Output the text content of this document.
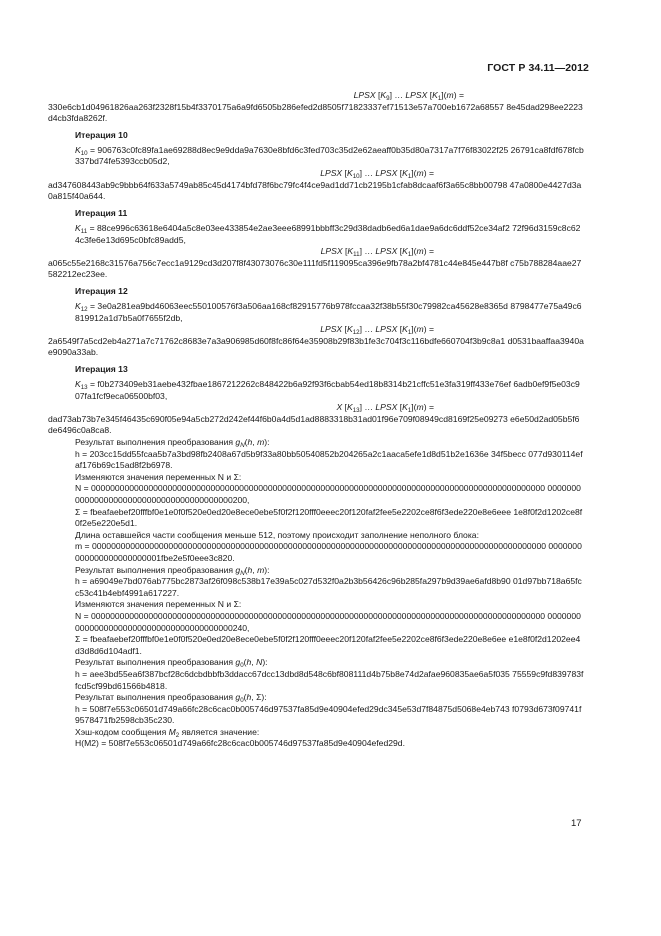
ГОСТ Р 34.11—2012
LPSX $[K_9]$ … LPSX $[K_1](m)$ =
330e6cb1d04961826aa263f2328f15b4f3370175a6a9fd6505b286efed2d8505f71823337ef71513e57a700eb1672a68557 8e45dad298ee2223d4cb3fda8262f.
Итерация 10
$K_{10}$ = 906763c0fc89fa1ae69288d8ec9e9dda9a7630e8bfd6c3fed703c35d2e62aeaff0b35d80a7317a7f76f83022f25 26791ca8fdf678fcb337bd74fe5393ccb05d2,
LPSX $[K_{10}]$ … LPSX $[K_1](m)$ =
ad347608443ab9c9bbb64f633a5749ab85c45d4174bfd78f6bc79fc4f4ce9ad1dd71cb2195b1cfab8dcaaf6f3a65c8bb00798 47a0800e4427d3a0a815f40a644.
Итерация 11
$K_{11}$ = 88ce996c63618e6404a5c8e03ee433854e2ae3eee68991bbbff3c29d38dadb6ed6a1dae9a6dc6ddf52ce34af2 72f96d3159c8c624c3fe6e13d695c0bfc89add5,
LPSX $[K_{11}]$ … LPSX $[K_1](m)$ =
a065c55e2168c31576a756c7ecc1a9129cd3d207f8f43073076c30e111fd5f119095ca396e9fb78a2bf4781c44e845e447b8f c75b788284aae27582212ec23ee.
Итерация 12
$K_{12}$ = 3e0a281ea9bd46063eec550100576f3a506aa168cf82915776b978fccaa32f38b55f30c79982ca45628e8365d 8798477e75a49c6819912a1d7b5a0f7655f2db,
LPSX $[K_{12}]$ … LPSX $[K_1](m)$ =
2a6549f7a5cd2eb4a271a7c71762c8683e7a3a906985d60f8fc86f64e35908b29f83b1fe3c704f3c116bdfe660704f3b9c8a1 d0531baaffaa3940ae9090a33ab.
Итерация 13
$K_{13}$ = f0b273409eb31aebe432fbae1867212262c848422b6a92f93f6cbab54ed18b8314b21cffc51e3fa319ff433e76ef 6adb0ef9f5e03c907fa1fcf9eca06500bf03,
X $[K_{13}]$ … LPSX $[K_1](m)$ =
dad73ab73b7e345f46435c690f05e94a5cb272d242ef44f6b0a4d5d1ad8883318b31ad01f96e709f08949cd8169f25e09273 e6e50d2ad05b5f6de6496c0a8ca8.
Результат выполнения преобразования $g_N(h$, m):
h = 203cc15dd55fcaa5b7a3bd98fb2408a67d5b9f33a80bb50540852b204265a2c1aaca5efe1d8d51b2e1636e 34f5becc 077d930114efaf176b69c15ad8f2b6978.
Изменяются значения переменных N и Σ:
N = 00000000000000000000000000000000000000000000000000000000000000000000000000000000000000000000000 0000000000000000000000000000000000000000200,
Σ = fbeafaebef20fffbf0e1e0f0f520e0ed20e8ece0ebe5f0f2f120fff0eeec20f120faf2fee5e2202ce8f6f3ede220e8e6eee 1e8f0f2d1202ce8f0f2e5e220e5d1.
Длина оставшейся части сообщения меньше 512, поэтому происходит заполнение неполного блока:
m = 00000000000000000000000000000000000000000000000000000000000000000000000000000000000000000000000 0000000000000000000000001fbe2e5f0eee3c820.
Результат выполнения преобразования $g_N(h$, m):
h = a69049e7bd076ab775bc2873af26f098c538b17e39a5c027d532f0a2b3b56426c96b285fa297b9d39ae6afd8b90 01d97bb718a65fcc53c41b4ebf4991a617227.
Изменяются значения переменных N и Σ:
N = 00000000000000000000000000000000000000000000000000000000000000000000000000000000000000000000000 0000000000000000000000000000000000000000240,
Σ = fbeafaebef20fffbf0e1e0f0f520e0ed20e8ece0ebe5f0f2f120fff0eeec20f120faf2fee5e2202ce8f6f3ede220e8e6ee e1e8f0f2d1202ee4d3d8d6d104adf1.
Результат выполнения преобразования $g_0(h$, N):
h = aee3bd55ea6f387bcf28c6dcbdbbfb3ddacc67dcc13dbd8d548c6bf808111d4b75b8e74d2afae960835ae6a5f035 75559c9fd839783ffcd5cf99bd61566b4818.
Результат выполнения преобразования $g_0(h$, Σ):
h = 508f7e553c06501d749a66fc28c6cac0b005746d97537fa85d9e40904efed29dc345e53d7f84875d5068e4eb743 f0793d673f09741f9578471fb2598cb35c230.
Хэш-кодом сообщения $M_2$ является значение:
H(M2) = 508f7e553c06501d749a66fc28c6cac0b005746d97537fa85d9e40904efed29d.
17
